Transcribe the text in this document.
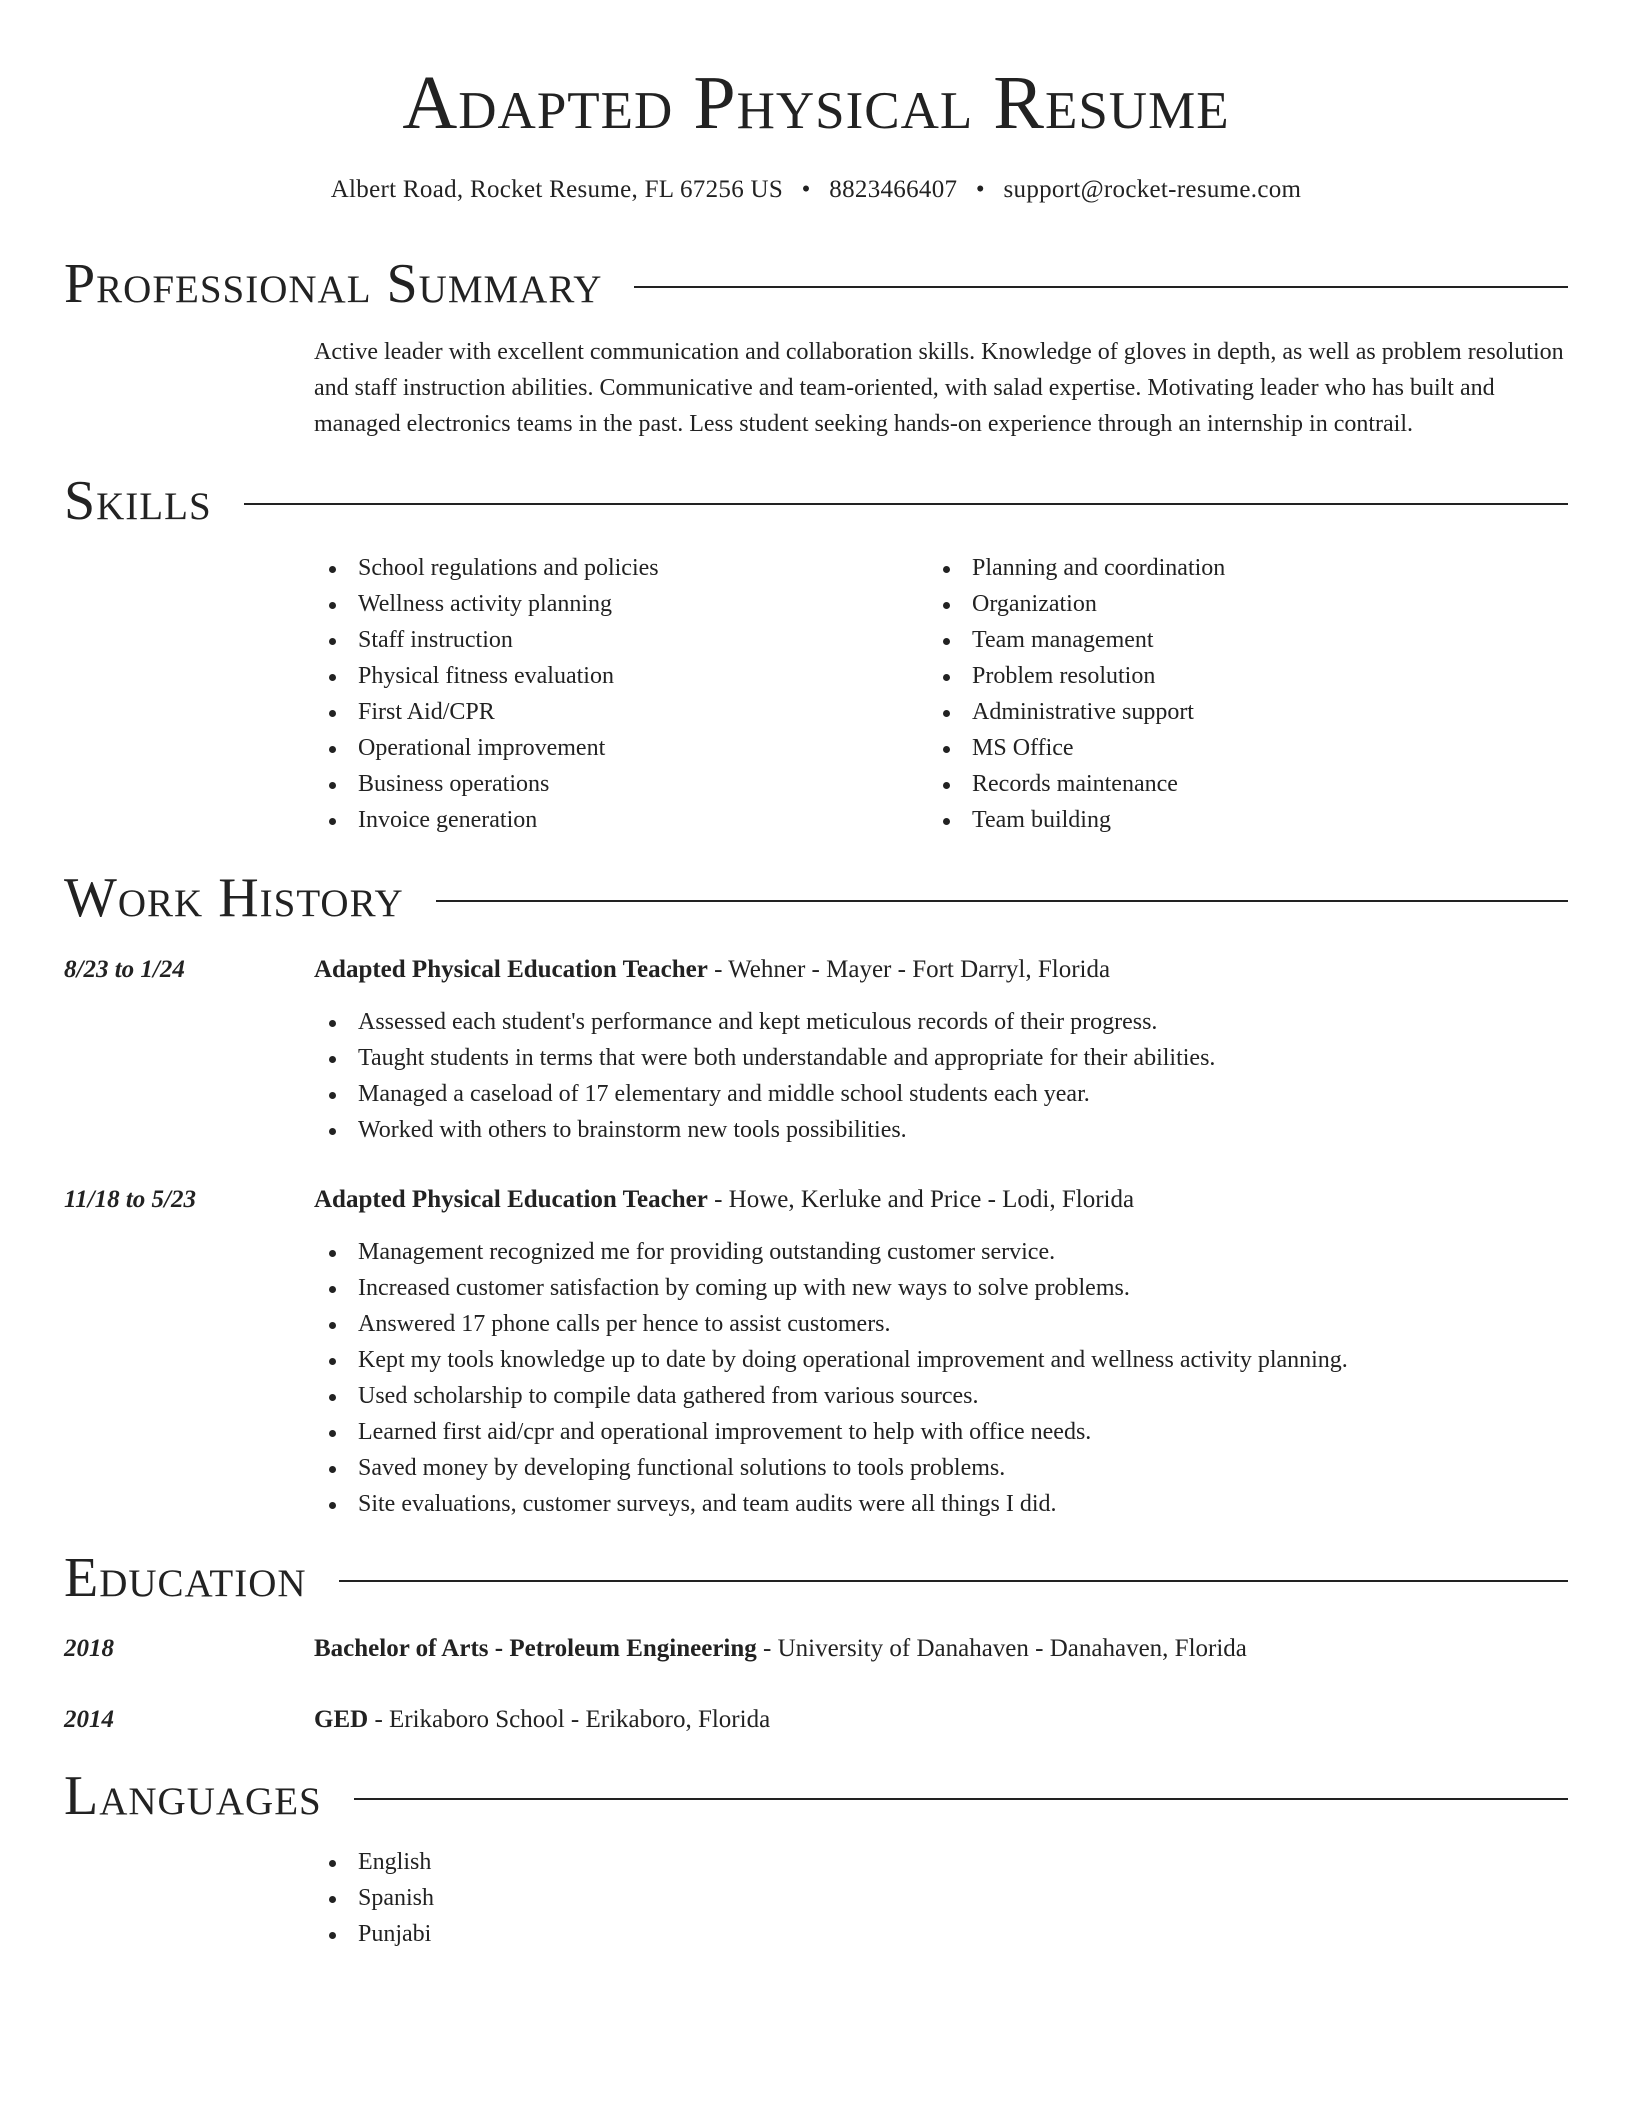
Adapted Physical Resume
Albert Road, Rocket Resume, FL 67256 US • 8823466407 • support@rocket-resume.com
Professional Summary

Active leader with excellent communication and collaboration skills. Knowledge of gloves in depth, as well as problem resolution and staff instruction abilities. Communicative and team-oriented, with salad expertise. Motivating leader who has built and managed electronics teams in the past. Less student seeking hands-on experience through an internship in contrail.

Skills
School regulations and policies
Wellness activity planning
Staff instruction
Physical fitness evaluation
First Aid/CPR
Operational improvement
Business operations
Invoice generation
Planning and coordination
Organization
Team management
Problem resolution
Administrative support
MS Office
Records maintenance
Team building
Work History
8/23 to 1/24	Adapted Physical Education Teacher - Wehner - Mayer - Fort Darryl, Florida
Assessed each student's performance and kept meticulous records of their progress.
Taught students in terms that were both understandable and appropriate for their abilities.
Managed a caseload of 17 elementary and middle school students each year.
Worked with others to brainstorm new tools possibilities.
11/18 to 5/23	Adapted Physical Education Teacher - Howe, Kerluke and Price - Lodi, Florida
Management recognized me for providing outstanding customer service.
Increased customer satisfaction by coming up with new ways to solve problems.
Answered 17 phone calls per hence to assist customers.
Kept my tools knowledge up to date by doing operational improvement and wellness activity planning.
Used scholarship to compile data gathered from various sources.
Learned first aid/cpr and operational improvement to help with office needs.
Saved money by developing functional solutions to tools problems.
Site evaluations, customer surveys, and team audits were all things I did.
Education
2018	Bachelor of Arts - Petroleum Engineering - University of Danahaven - Danahaven, Florida
2014	GED - Erikaboro School - Erikaboro, Florida
Languages
English
Spanish
Punjabi
